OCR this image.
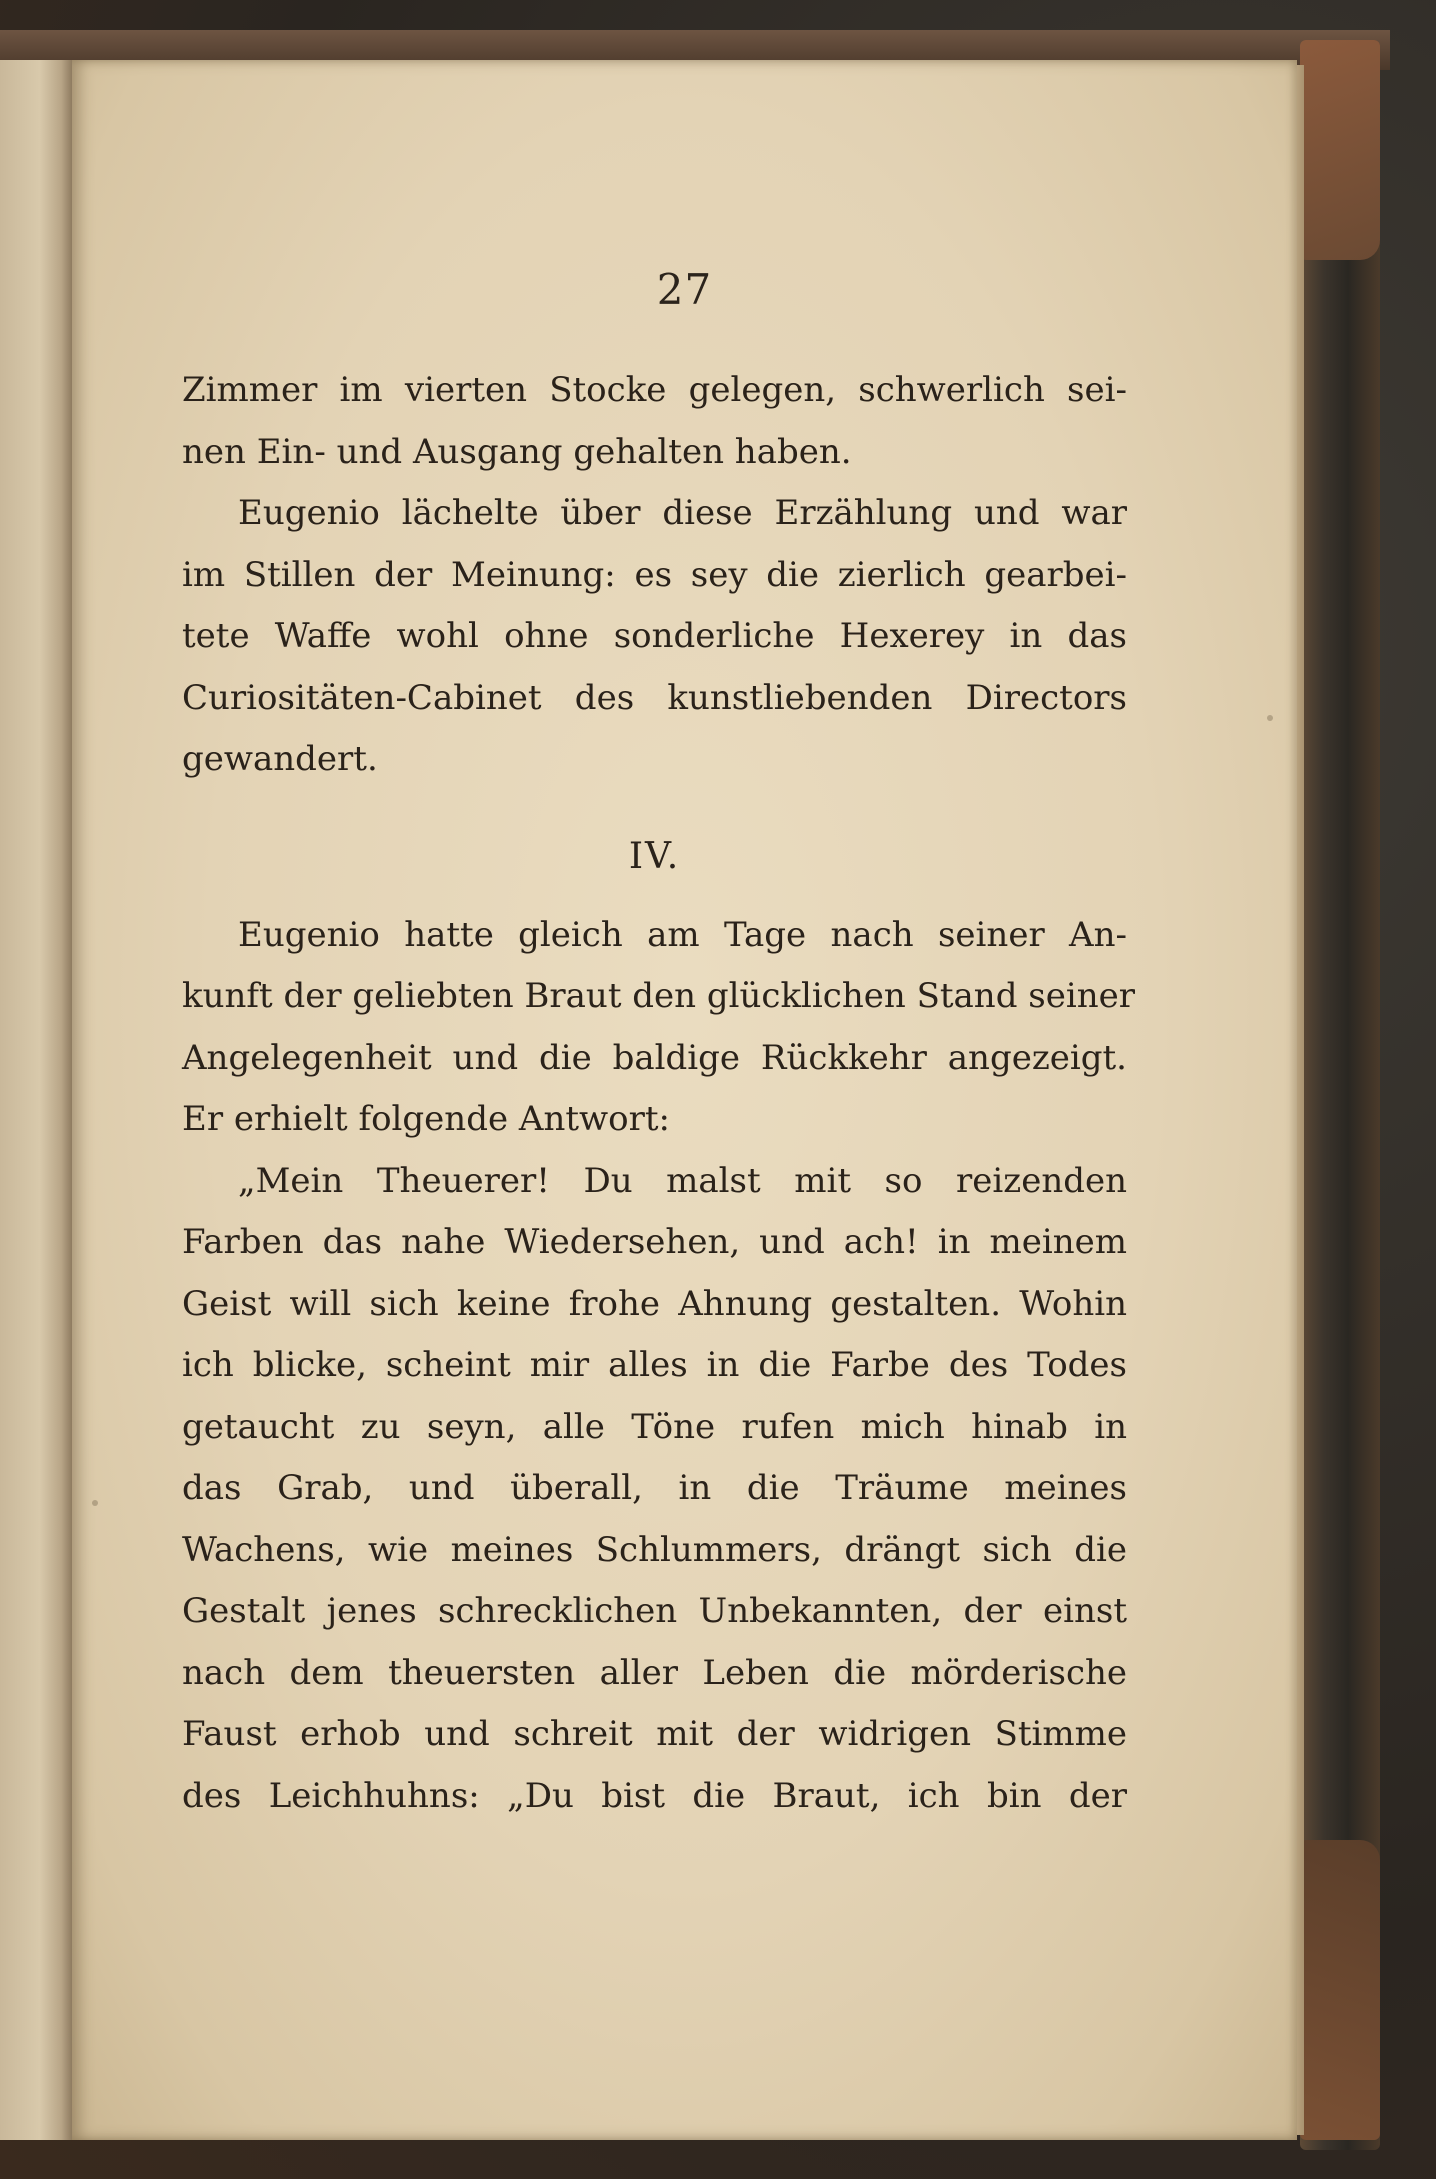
27
Zimmer im vierten Stocke gelegen, schwerlich sei-
nen Ein- und Ausgang gehalten haben.
Eugenio lächelte über diese Erzählung und war
im Stillen der Meinung: es sey die zierlich gearbei-
tete Waffe wohl ohne sonderliche Hexerey in das
Curiositäten-Cabinet des kunstliebenden Directors
gewandert.
IV.
Eugenio hatte gleich am Tage nach seiner An-
kunft der geliebten Braut den glücklichen Stand seiner
Angelegenheit und die baldige Rückkehr angezeigt.
Er erhielt folgende Antwort:
„Mein Theuerer! Du malst mit so reizenden
Farben das nahe Wiedersehen, und ach! in meinem
Geist will sich keine frohe Ahnung gestalten. Wohin
ich blicke, scheint mir alles in die Farbe des Todes
getaucht zu seyn, alle Töne rufen mich hinab in
das Grab, und überall, in die Träume meines
Wachens, wie meines Schlummers, drängt sich die
Gestalt jenes schrecklichen Unbekannten, der einst
nach dem theuersten aller Leben die mörderische
Faust erhob und schreit mit der widrigen Stimme
des Leichhuhns: „Du bist die Braut, ich bin der
